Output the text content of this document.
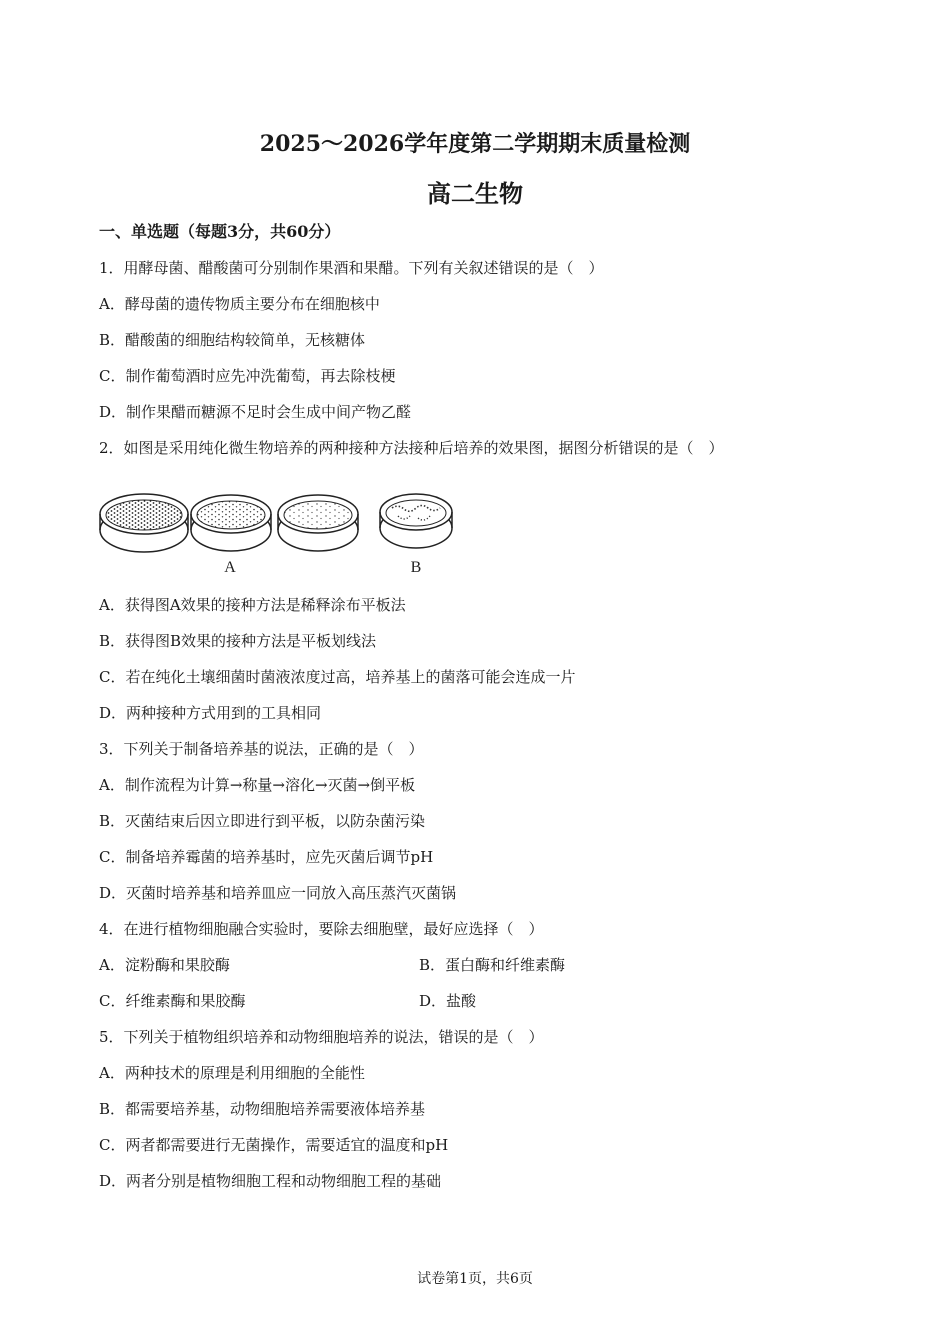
2025～2026学年度第二学期期末质量检测
高二生物
一、单选题（每题3分，共60分）
1．用酵母菌、醋酸菌可分别制作果酒和果醋。下列有关叙述错误的是（　）
A．酵母菌的遗传物质主要分布在细胞核中
B．醋酸菌的细胞结构较简单，无核糖体
C．制作葡萄酒时应先冲洗葡萄，再去除枝梗
D．制作果醋而糖源不足时会生成中间产物乙醛
2．如图是采用纯化微生物培养的两种接种方法接种后培养的效果图，据图分析错误的是（　）
A	B
A．获得图A效果的接种方法是稀释涂布平板法
B．获得图B效果的接种方法是平板划线法
C．若在纯化土壤细菌时菌液浓度过高，培养基上的菌落可能会连成一片
D．两种接种方式用到的工具相同
3．下列关于制备培养基的说法，正确的是（　）
A．制作流程为计算→称量→溶化→灭菌→倒平板
B．灭菌结束后因立即进行到平板，以防杂菌污染
C．制备培养霉菌的培养基时，应先灭菌后调节pH
D．灭菌时培养基和培养皿应一同放入高压蒸汽灭菌锅
4．在进行植物细胞融合实验时，要除去细胞壁，最好应选择（　）
A．淀粉酶和果胶酶	B．蛋白酶和纤维素酶
C．纤维素酶和果胶酶	D．盐酸
5．下列关于植物组织培养和动物细胞培养的说法，错误的是（　）
A．两种技术的原理是利用细胞的全能性
B．都需要培养基，动物细胞培养需要液体培养基
C．两者都需要进行无菌操作，需要适宜的温度和pH
D．两者分别是植物细胞工程和动物细胞工程的基础
试卷第1页，共6页
